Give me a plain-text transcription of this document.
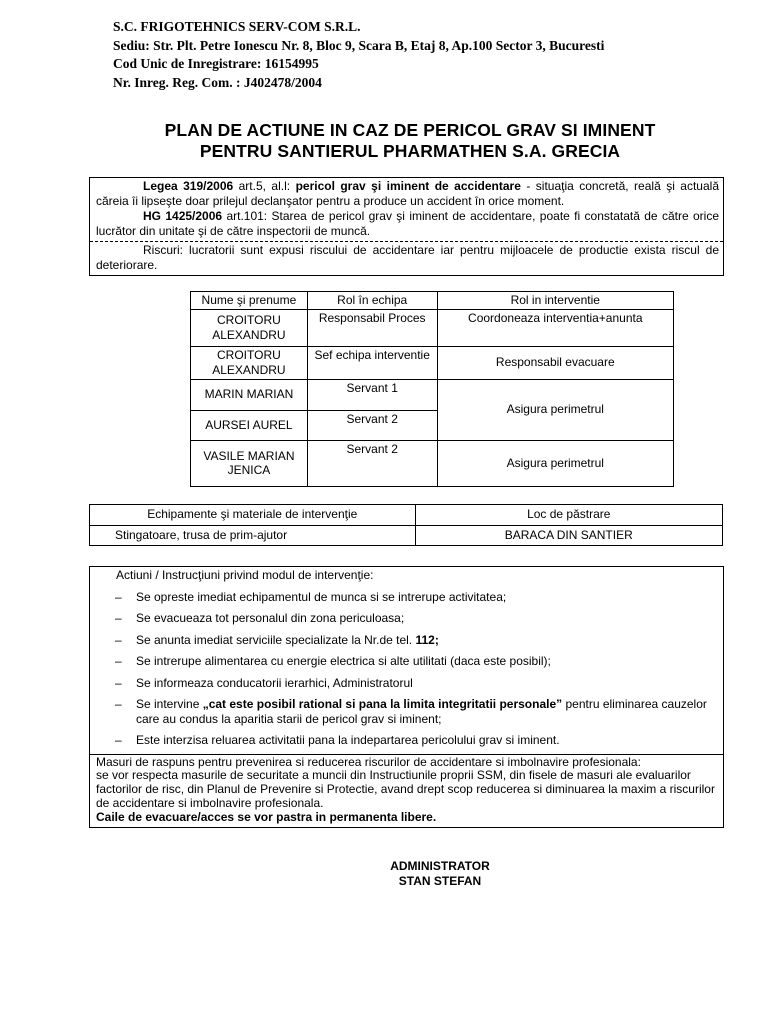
S.C. FRIGOTEHNICS SERV-COM S.R.L.
Sediu: Str. Plt. Petre Ionescu Nr. 8, Bloc 9, Scara B, Etaj 8, Ap.100 Sector 3, Bucuresti
Cod Unic de Inregistrare: 16154995
Nr. Inreg. Reg. Com. : J402478/2004
PLAN DE ACTIUNE IN CAZ DE PERICOL GRAV SI IMINENT
PENTRU SANTIERUL PHARMATHEN S.A. GRECIA
Legea 319/2006 art.5, al.l: pericol grav şi iminent de accidentare - situaţia concretă, reală şi actuală căreia îi lipseşte doar prilejul declanşator pentru a produce un accident în orice moment.
HG 1425/2006 art.101: Starea de pericol grav şi iminent de accidentare, poate fi constatată de către orice lucrător din unitate şi de către inspectorii de muncă.
Riscuri: lucratorii sunt expusi riscului de accidentare iar pentru mijloacele de productie exista riscul de deteriorare.
Nume şi prenume	Rol în echipa	Rol in interventie
CROITORU ALEXANDRU	Responsabil Proces	Coordoneaza interventia+anunta
CROITORU ALEXANDRU	Sef echipa interventie	Responsabil evacuare
MARIN MARIAN	Servant 1	Asigura perimetrul
AURSEI AUREL	Servant 2	
VASILE MARIAN JENICA	Servant 2	Asigura perimetrul
Echipamente şi materiale de intervenţie	Loc de păstrare
Stingatoare, trusa de prim-ajutor	BARACA DIN SANTIER
Actiuni / Instrucţiuni privind modul de intervenţie:
– Se opreste imediat echipamentul de munca si se intrerupe activitatea;
– Se evacueaza tot personalul din zona periculoasa;
– Se anunta imediat serviciile specializate la Nr.de tel. 112;
– Se intrerupe alimentarea cu energie electrica si alte utilitati (daca este posibil);
– Se informeaza conducatorii ierarhici, Administratorul
– Se intervine „cat este posibil rational si pana la limita integritatii personale” pentru eliminarea cauzelor care au condus la aparitia starii de pericol grav si iminent;
– Este interzisa reluarea activitatii pana la indepartarea pericolului grav si iminent.
Masuri de raspuns pentru prevenirea si reducerea riscurilor de accidentare si imbolnavire profesionala:
se vor respecta masurile de securitate a muncii din Instructiunile proprii SSM, din fisele de masuri ale evaluarilor factorilor de risc, din Planul de Prevenire si Protectie, avand drept scop reducerea si diminuarea la maxim a riscurilor de accidentare si imbolnavire profesionala.
Caile de evacuare/acces se vor pastra in permanenta libere.
ADMINISTRATOR
STAN STEFAN
